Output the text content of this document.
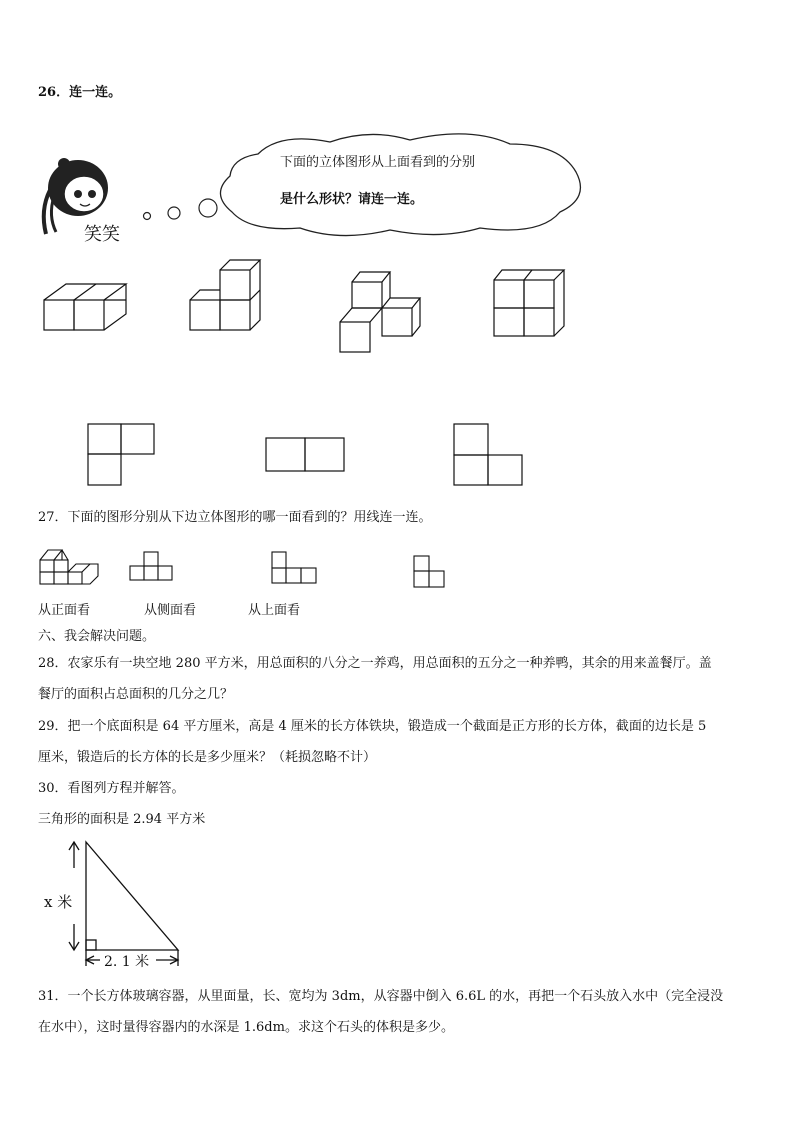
26．连一连。
笑笑
下面的立体图形从上面看到的分别
是什么形状？请连一连。
27．下面的图形分别从下边立体图形的哪一面看到的？用线连一连。
从正面看	从侧面看	从上面看
六、我会解决问题。
28．农家乐有一块空地 280 平方米，用总面积的八分之一养鸡，用总面积的五分之一种养鸭，其余的用来盖餐厅。盖
餐厅的面积占总面积的几分之几？
29．把一个底面积是 64 平方厘米，高是 4 厘米的长方体铁块，锻造成一个截面是正方形的长方体，截面的边长是 5
厘米，锻造后的长方体的长是多少厘米？（耗损忽略不计）
30．看图列方程并解答。
三角形的面积是 2.94 平方米
x 米
2. 1 米
31．一个长方体玻璃容器，从里面量，长、宽均为 3dm，从容器中倒入 6.6L 的水，再把一个石头放入水中（完全浸没
在水中），这时量得容器内的水深是 1.6dm。求这个石头的体积是多少。
